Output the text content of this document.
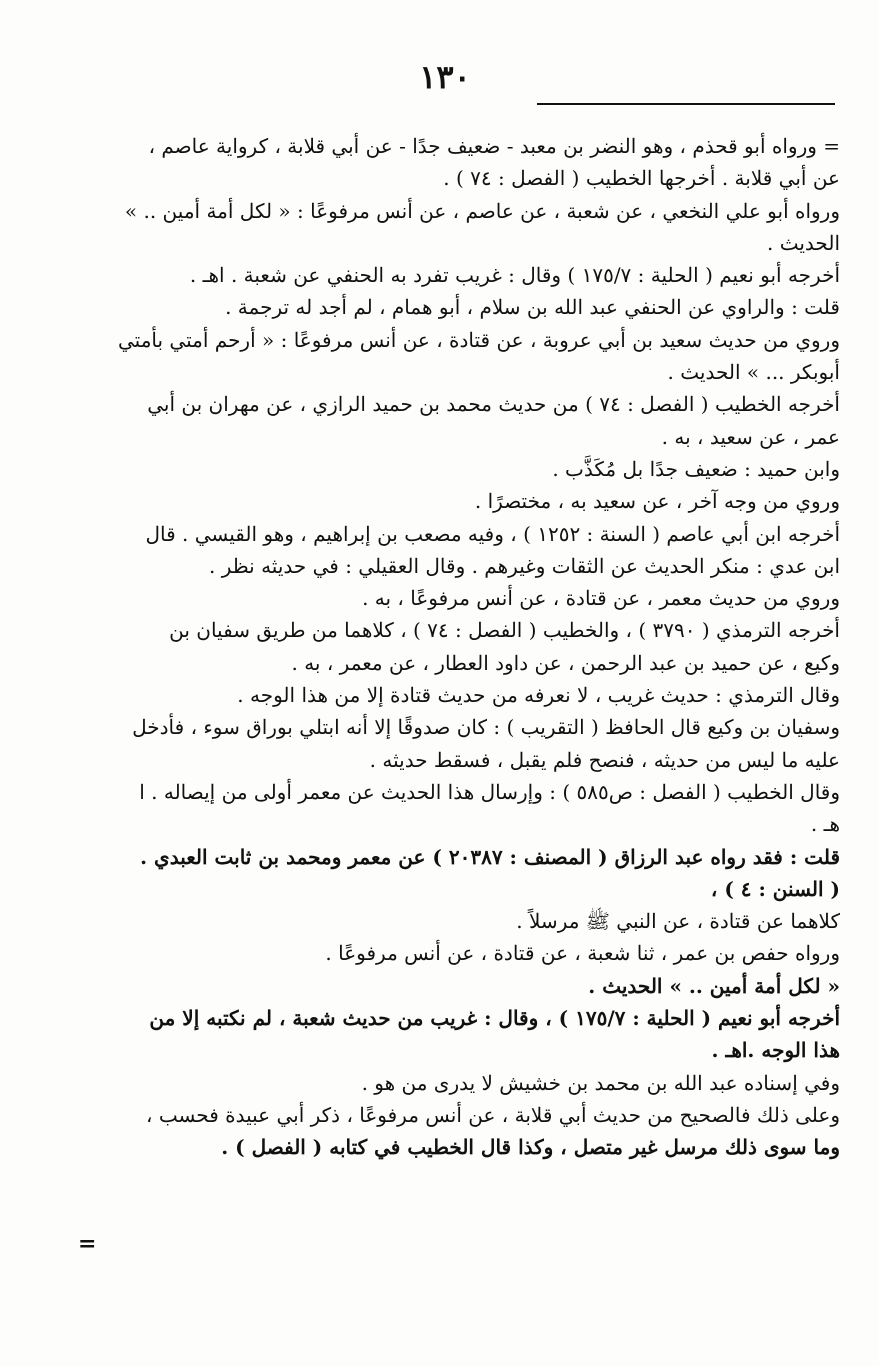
١٣٠
= ورواه أبو قحذم ، وهو النضر بن معبد - ضعيف جدًا - عن أبي قلابة ، كرواية عاصم ،
عن أبي قلابة . أخرجها الخطيب ( الفصل : ٧٤ ) .
ورواه أبو علي النخعي ، عن شعبة ، عن عاصم ، عن أنس مرفوعًا : « لكل أمة أمين .. »
الحديث .
أخرجه أبو نعيم ( الحلية : ١٧٥/٧ ) وقال : غريب تفرد به الحنفي عن شعبة . اهـ .
قلت : والراوي عن الحنفي عبد الله بن سلام ، أبو همام ، لم أجد له ترجمة .
وروي من حديث سعيد بن أبي عروبة ، عن قتادة ، عن أنس مرفوعًا : « أرحم أمتي بأمتي
أبوبكر ... » الحديث .
أخرجه الخطيب ( الفصل : ٧٤ ) من حديث محمد بن حميد الرازي ، عن مهران بن أبي
عمر ، عن سعيد ، به .
وابن حميد : ضعيف جدًا بل مُكَذَّب .
وروي من وجه آخر ، عن سعيد به ، مختصرًا .
أخرجه ابن أبي عاصم ( السنة : ١٢٥٢ ) ، وفيه مصعب بن إبراهيم ، وهو القيسي . قال
ابن عدي : منكر الحديث عن الثقات وغيرهم . وقال العقيلي : في حديثه نظر .
وروي من حديث معمر ، عن قتادة ، عن أنس مرفوعًا ، به .
أخرجه الترمذي ( ٣٧٩٠ ) ، والخطيب ( الفصل : ٧٤ ) ، كلاهما من طريق سفيان بن
وكيع ، عن حميد بن عبد الرحمن ، عن داود العطار ، عن معمر ، به .
وقال الترمذي : حديث غريب ، لا نعرفه من حديث قتادة إلا من هذا الوجه .
وسفيان بن وكيع قال الحافظ ( التقريب ) : كان صدوقًا إلا أنه ابتلي بوراق سوء ، فأدخل
عليه ما ليس من حديثه ، فنصح فلم يقبل ، فسقط حديثه .
وقال الخطيب ( الفصل : ص٥٨٥ ) : وإرسال هذا الحديث عن معمر أولى من إيصاله . ا
هـ .
قلت : فقد رواه عبد الرزاق ( المصنف : ٢٠٣٨٧ ) عن معمر ومحمد بن ثابت العبدي .
( السنن : ٤ ) ،
كلاهما عن قتادة ، عن النبي ﷺ مرسلاً .
ورواه حفص بن عمر ، ثنا شعبة ، عن قتادة ، عن أنس مرفوعًا .
« لكل أمة أمين .. » الحديث .
أخرجه أبو نعيم ( الحلية : ١٧٥/٧ ) ، وقال : غريب من حديث شعبة ، لم نكتبه إلا من
هذا الوجه .اهـ .
وفي إسناده عبد الله بن محمد بن خشيش لا يدرى من هو .
وعلى ذلك فالصحيح من حديث أبي قلابة ، عن أنس مرفوعًا ، ذكر أبي عبيدة فحسب ،
وما سوى ذلك مرسل غير متصل ، وكذا قال الخطيب في كتابه ( الفصل ) .
=
